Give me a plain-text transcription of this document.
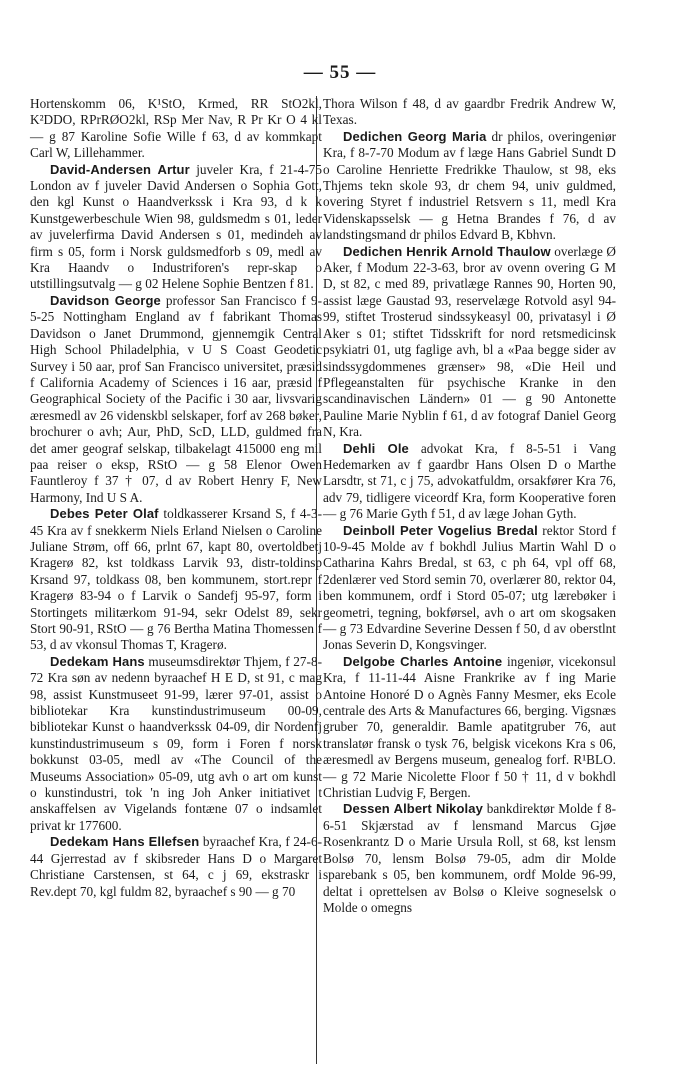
— 55 —

Hortenskomm 06, K¹StO, Krmed, RR StO2kl, K²DDO, RPrRØO2kl, RSp Mer Nav, R Pr Kr O 4 kl — g 87 Karoline Sofie Wille f 63, d av kommkapt Carl W, Lillehammer.

David-Andersen Artur juveler Kra, f 21-4-75 London av f juveler David Andersen o Sophia Gott, den kgl Kunst o Haandverkssk i Kra 93, d k k Kunstgewerbeschule Wien 98, guldsmedm s 01, leder av juvelerfirma David Andersen s 01, medindeh av firm s 05, form i Norsk guldsmedforb s 09, medl av Kra Haandv o Industriforen's repr-skap o utstillingsutvalg — g 02 Helene Sophie Bentzen f 81.

Davidson George professor San Francisco f 9-5-25 Nottingham England av f fabrikant Thomas Davidson o Janet Drummond, gjennemgik Central High School Philadelphia, v U S Coast Geodetic Survey i 50 aar, prof San Francisco universitet, præsid f California Academy of Sciences i 16 aar, præsid f Geographical Society of the Pacific i 30 aar, livsvarig æresmedl av 26 videnskbl selskaper, forf av 268 bøker, brochurer o avh; Aur, PhD, ScD, LLD, guldmed fra det amer geograf selskap, tilbakelagt 415000 eng mil paa reiser o eksp, RStO — g 58 Elenor Owen Fauntleroy f 37 † 07, d av Robert Henry F, New Harmony, Ind U S A.

Debes Peter Olaf toldkasserer Krsand S, f 4-3-45 Kra av f snekkerm Niels Erland Nielsen o Caroline Juliane Strøm, off 66, prlnt 67, kapt 80, overtoldbetj Kragerø 82, kst toldkass Larvik 93, distr-toldinsp Krsand 97, toldkass 08, ben kommunem, stort.repr f Kragerø 83-94 o f Larvik o Sandefj 95-97, form i Stortingets militærkom 91-94, sekr Odelst 89, sekr Stort 90-91, RStO — g 76 Bertha Matina Thomessen f 53, d av vkonsul Thomas T, Kragerø.

Dedekam Hans museumsdirektør Thjem, f 27-8-72 Kra søn av nedenn byraachef H E D, st 91, c mag 98, assist Kunstmuseet 91-99, lærer 97-01, assist o bibliotekar Kra kunstindustrimuseum 00-09, bibliotekar Kunst o haandverkssk 04-09, dir Nordenfj kunstindustrimuseum s 09, form i Foren f norsk bokkunst 03-05, medl av «The Council of the Museums Association» 05-09, utg avh o art om kunst o kunstindustri, tok 'n ing Joh Anker initiativet t anskaffelsen av Vigelands fontæne 07 o indsamlet privat kr 177600.

Dedekam Hans Ellefsen byraachef Kra, f 24-6-44 Gjerrestad av f skibsreder Hans D o Margaret Christiane Carstensen, st 64, c j 69, ekstraskr i Rev.dept 70, kgl fuldm 82, byraachef s 90 — g 70

Thora Wilson f 48, d av gaardbr Fredrik Andrew W, Texas.

Dedichen Georg Maria dr philos, overingeniør Kra, f 8-7-70 Modum av f læge Hans Gabriel Sundt D o Caroline Henriette Fredrikke Thaulow, st 98, eks Thjems tekn skole 93, dr chem 94, univ guldmed, overing Styret f industriel Retsvern s 11, medl Kra Videnskapsselsk — g Hetna Brandes f 76, d av landstingsmand dr philos Edvard B, Kbhvn.

Dedichen Henrik Arnold Thaulow overlæge Ø Aker, f Modum 22-3-63, bror av ovenn overing G M D, st 82, c med 89, privatlæge Rannes 90, Horten 90, assist læge Gaustad 93, reservelæge Rotvold asyl 94-99, stiftet Trosterud sindssykeasyl 00, privatasyl i Ø Aker s 01; stiftet Tidsskrift for nord retsmedicinsk psykiatri 01, utg faglige avh, bl a «Paa begge sider av sindssygdommenes grænser» 98, «Die Heil und Pflegeanstalten für psychische Kranke in den scandinavischen Ländern» 01 — g 90 Antonette Pauline Marie Nyblin f 61, d av fotograf Daniel Georg N, Kra.

Dehli Ole advokat Kra, f 8-5-51 i Vang Hedemarken av f gaardbr Hans Olsen D o Marthe Larsdtr, st 71, c j 75, advokatfuldm, orsakfører Kra 76, adv 79, tidligere viceordf Kra, form Kooperative foren — g 76 Marie Gyth f 51, d av læge Johan Gyth.

Deinboll Peter Vogelius Bredal rektor Stord f 10-9-45 Molde av f bokhdl Julius Martin Wahl D o Catharina Kahrs Bredal, st 63, c ph 64, vpl off 68, 2denlærer ved Stord semin 70, overlærer 80, rektor 04, ben kommunem, ordf i Stord 05-07; utg lærebøker i geometri, tegning, bokførsel, avh o art om skogsaken — g 73 Edvardine Severine Dessen f 50, d av oberstlnt Jonas Severin D, Kongsvinger.

Delgobe Charles Antoine ingeniør, vicekonsul Kra, f 11-11-44 Aisne Frankrike av f ing Marie Antoine Honoré D o Agnès Fanny Mesmer, eks Ecole centrale des Arts & Manufactures 66, berging. Vigsnæs gruber 70, generaldir. Bamle apatitgruber 76, aut translatør fransk o tysk 76, belgisk vicekons Kra s 06, æresmedl av Bergens museum, genealog forf. R¹BLO. — g 72 Marie Nicolette Floor f 50 † 11, d v bokhdl Christian Ludvig F, Bergen.

Dessen Albert Nikolay bankdirektør Molde f 8-6-51 Skjærstad av f lensmand Marcus Gjøe Rosenkrantz D o Marie Ursula Roll, st 68, kst lensm Bolsø 70, lensm Bolsø 79-05, adm dir Molde sparebank s 05, ben kommunem, ordf Molde 96-99, deltat i oprettelsen av Bolsø o Kleive sogneselsk o Molde o omegns
